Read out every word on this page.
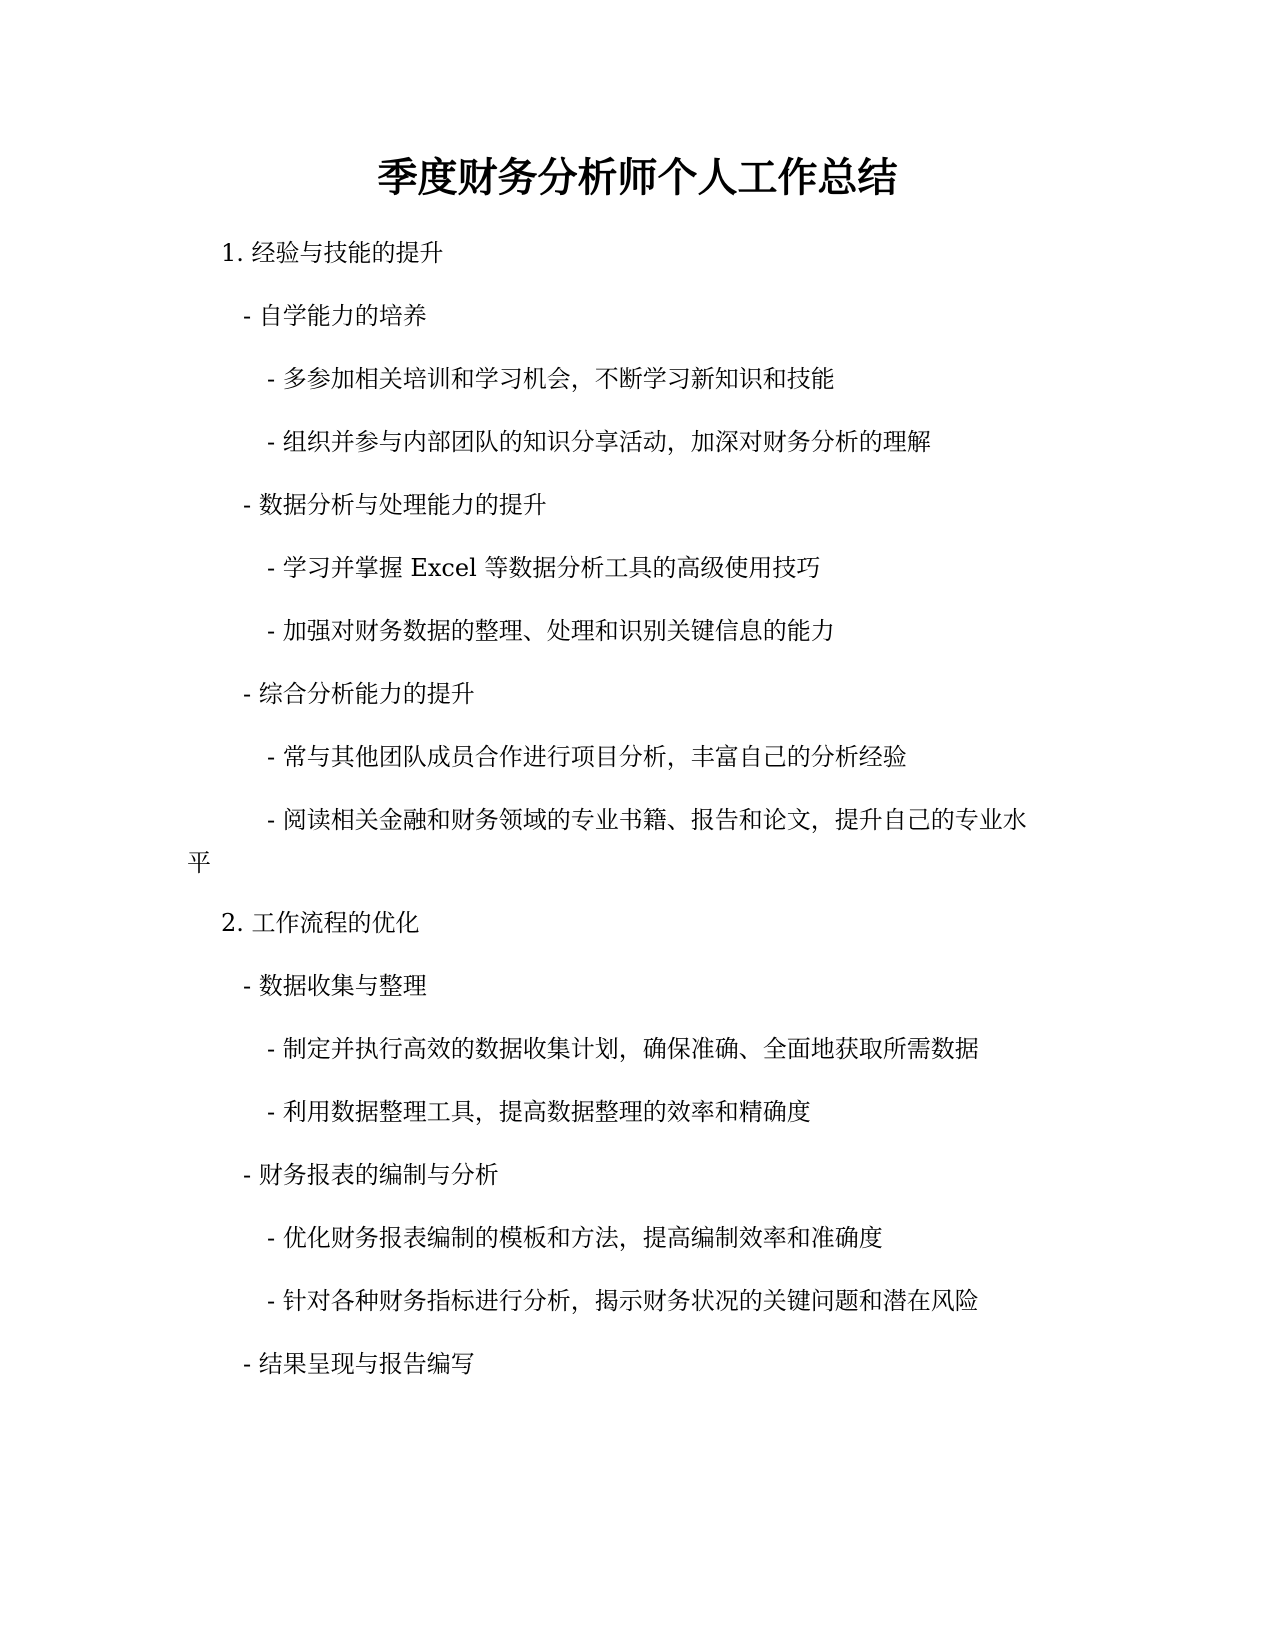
季度财务分析师个人工作总结

1. 经验与技能的提升

- 自学能力的培养

- 多参加相关培训和学习机会，不断学习新知识和技能

- 组织并参与内部团队的知识分享活动，加深对财务分析的理解

- 数据分析与处理能力的提升

- 学习并掌握 Excel 等数据分析工具的高级使用技巧

- 加强对财务数据的整理、处理和识别关键信息的能力

- 综合分析能力的提升

- 常与其他团队成员合作进行项目分析，丰富自己的分析经验

- 阅读相关金融和财务领域的专业书籍、报告和论文，提升自己的专业水

平

2. 工作流程的优化

- 数据收集与整理

- 制定并执行高效的数据收集计划，确保准确、全面地获取所需数据

- 利用数据整理工具，提高数据整理的效率和精确度

- 财务报表的编制与分析

- 优化财务报表编制的模板和方法，提高编制效率和准确度

- 针对各种财务指标进行分析，揭示财务状况的关键问题和潜在风险

- 结果呈现与报告编写
